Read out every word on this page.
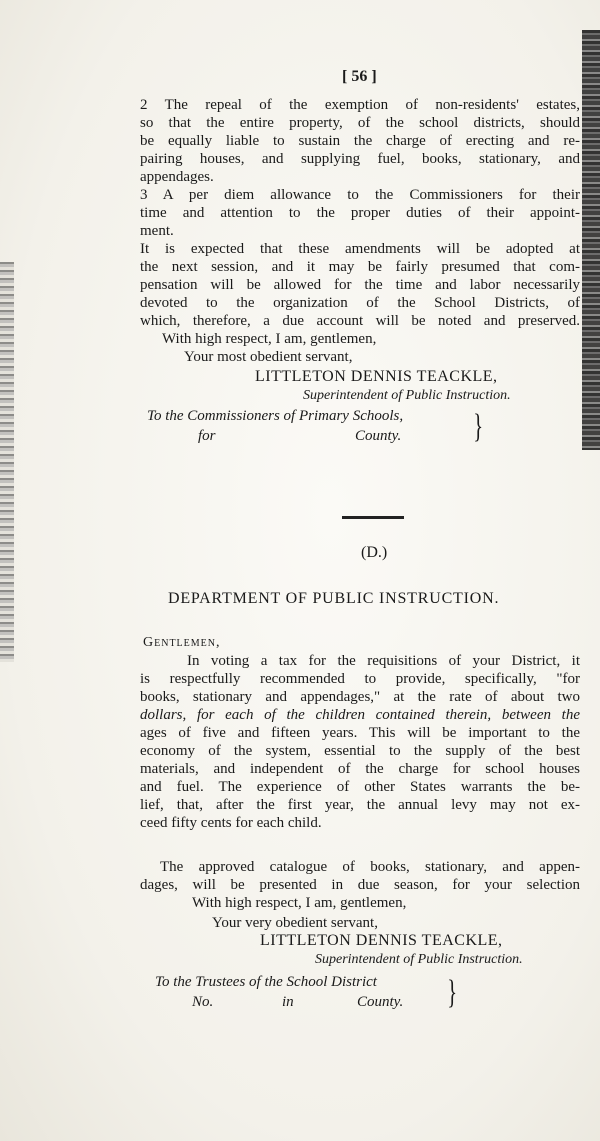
[ 56 ]
2 The repeal of the exemption of non-residents' estates,
so that the entire property, of the school districts, should
be equally liable to sustain the charge of erecting and re-
pairing houses, and supplying fuel, books, stationary, and
appendages.
3 A per diem allowance to the Commissioners for their
time and attention to the proper duties of their appoint-
ment.
It is expected that these amendments will be adopted at
the next session, and it may be fairly presumed that com-
pensation will be allowed for the time and labor necessarily
devoted to the organization of the School Districts, of
which, therefore, a due account will be noted and preserved.
With high respect, I am, gentlemen,
Your most obedient servant,
LITTLETON DENNIS TEACKLE,
Superintendent of Public Instruction.
To the Commissioners of Primary Schools,
for	County. }
(D.)
DEPARTMENT OF PUBLIC INSTRUCTION.
Gentlemen,
In voting a tax for the requisitions of your District, it
is respectfully recommended to provide, specifically, "for
books, stationary and appendages," at the rate of about two
dollars, for each of the children contained therein, between the
ages of five and fifteen years. This will be important to the
economy of the system, essential to the supply of the best
materials, and independent of the charge for school houses
and fuel. The experience of other States warrants the be-
lief, that, after the first year, the annual levy may not ex-
ceed fifty cents for each child.
The approved catalogue of books, stationary, and appen-
dages, will be presented in due season, for your selection
With high respect, I am, gentlemen,
Your very obedient servant,
LITTLETON DENNIS TEACKLE,
Superintendent of Public Instruction.
To the Trustees of the School District
No.	in	County. }
